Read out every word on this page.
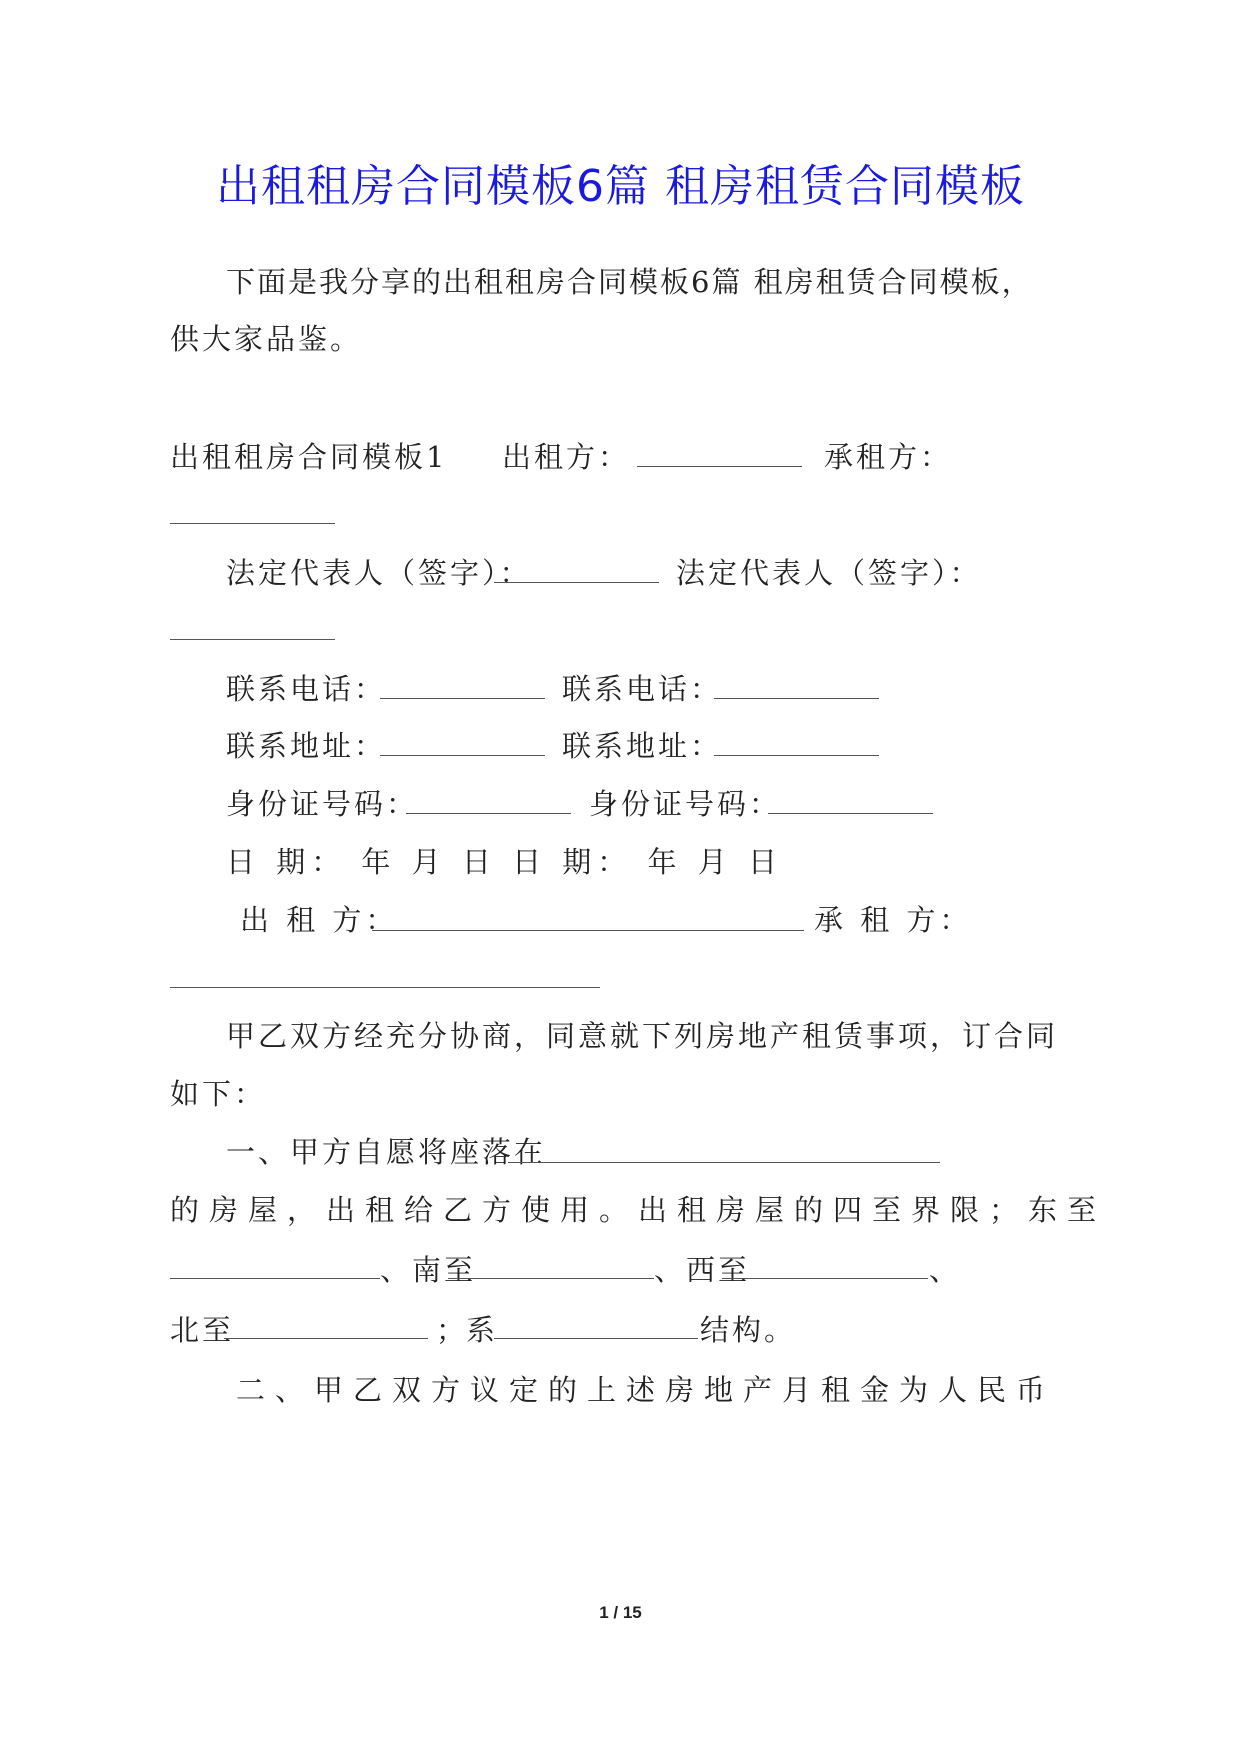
出租租房合同模板6篇 租房租赁合同模板
下面是我分享的出租租房合同模板6篇 租房租赁合同模板，
供大家品鉴。
出租租房合同模板1 出租方：	承租方：
法定代表人（签字）：	法定代表人（签字）：
联系电话：	联系电话：
联系地址：	联系地址：
身份证号码：	身份证号码：
日 期： 年 月 日 日 期： 年 月 日
出 租 方：	承 租 方：
甲乙双方经充分协商，同意就下列房地产租赁事项，订合同
如下：
一、甲方自愿将座落在
的房屋，出租给乙方使用。出租房屋的四至界限；东至
、南至	、西至	、
北至	；
系	结构。
二、甲乙双方议定的上述房地产月租金为人民币
1 / 15
